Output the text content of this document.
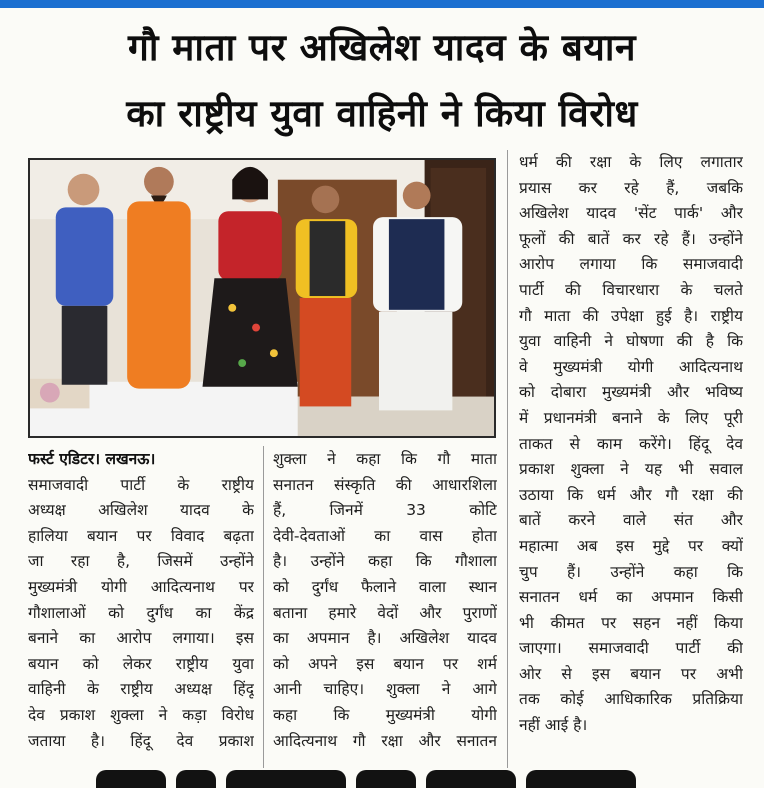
गौ माता पर अखिलेश यादव के बयान
का राष्ट्रीय युवा वाहिनी ने किया विरोध
फर्स्ट एडिटर। लखनऊ।
समाजवादी पार्टी के राष्ट्रीय
अध्यक्ष अखिलेश यादव के
हालिया बयान पर विवाद बढ़ता
जा रहा है, जिसमें उन्होंने
मुख्यमंत्री योगी आदित्यनाथ पर
गौशालाओं को दुर्गंध का केंद्र
बनाने का आरोप लगाया। इस
बयान को लेकर राष्ट्रीय युवा
वाहिनी के राष्ट्रीय अध्यक्ष हिंदू
देव प्रकाश शुक्ला ने कड़ा विरोध
जताया है। हिंदू देव प्रकाश
शुक्ला ने कहा कि गौ माता
सनातन संस्कृति की आधारशिला
हैं, जिनमें 33 कोटि
देवी-देवताओं का वास होता
है। उन्होंने कहा कि गौशाला
को दुर्गंध फैलाने वाला स्थान
बताना हमारे वेदों और पुराणों
का अपमान है। अखिलेश यादव
को अपने इस बयान पर शर्म
आनी चाहिए। शुक्ला ने आगे
कहा कि मुख्यमंत्री योगी
आदित्यनाथ गौ रक्षा और सनातन
धर्म की रक्षा के लिए लगातार
प्रयास कर रहे हैं, जबकि
अखिलेश यादव 'सेंट पार्क' और
फूलों की बातें कर रहे हैं। उन्होंने
आरोप लगाया कि समाजवादी
पार्टी की विचारधारा के चलते
गौ माता की उपेक्षा हुई है। राष्ट्रीय
युवा वाहिनी ने घोषणा की है कि
वे मुख्यमंत्री योगी आदित्यनाथ
को दोबारा मुख्यमंत्री और भविष्य
में प्रधानमंत्री बनाने के लिए पूरी
ताकत से काम करेंगे। हिंदू देव
प्रकाश शुक्ला ने यह भी सवाल
उठाया कि धर्म और गौ रक्षा की
बातें करने वाले संत और
महात्मा अब इस मुद्दे पर क्यों
चुप हैं। उन्होंने कहा कि
सनातन धर्म का अपमान किसी
भी कीमत पर सहन नहीं किया
जाएगा। समाजवादी पार्टी की
ओर से इस बयान पर अभी
तक कोई आधिकारिक प्रतिक्रिया
नहीं आई है।
